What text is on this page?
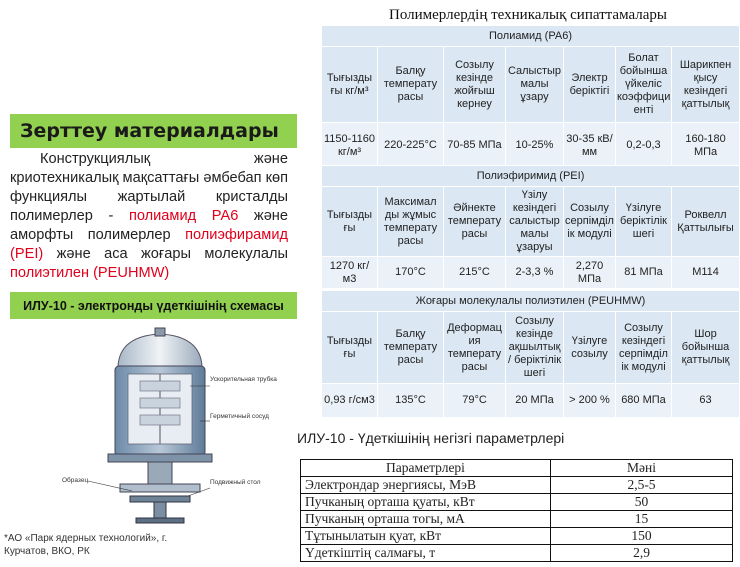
Зерттеу материалдары
Конструкциялық және криотехникалық мақсаттағы әмбебап көп функциялы жартылай кристалды полимерлер - полиамид РА6 және аморфты полимерлер полиэфирамид (PEI) және аса жоғары молекулалы полиэтилен (PEUHMW)
ИЛУ-10 - электронды үдеткішінің схемасы
Ускорительная трубка
Герметичный сосуд
Образец	Подвижный стол
*АО «Парк ядерных технологий», г. Курчатов, ВКО, РК
Полимерлердің техникалық сипаттамалары
Полиамид (РА6)						
Тығызды ғы кг/м³	Балқу температу расы	Созылу кезінде жойғыш кернеу	Салыстыр малы ұзару	Электр беріктігі	Болат бойынша үйкеліс коэффици енті	Шарикпен қысу кезіндегі қаттылық
1150-1160 кг/м³	220-225°С	70-85 МПа	10-25%	30-35 кВ/мм	0,2-0,3	160-180 МПа
Полиэфиримид (PEI)						
Тығызды ғы	Максимал ды жұмыс температу расы	Әйнекте температу расы	Үзілу кезіндегі салыстыр малы ұзаруы	Созылу серпімділ ік модулі	Үзілуге беріктілік шегі	Роквелл Қаттылығы
1270 кг/м3	170°С	215°С	2-3,3 %	2,270 МПа	81 МПа	M114
Жоғары молекулалы полиэтилен (PEUHMW)						
Тығызды ғы	Балқу температу расы	Деформац ия температу расы	Созылу кезінде ақшылтық / беріктілік шегі	Үзілуге созылу	Созылу кезіндегі серпімділ ік модулі	Шор бойынша қаттылық
0,93 г/см3	135°С	79°С	20 МПа	> 200 %	680 МПа	63
ИЛУ-10 - Үдеткішінің негізгі параметрлері
Параметрлері	Мәні
Электрондар энергиясы, МэВ	2,5-5
Пучканың орташа қуаты, кВт	50
Пучканың орташа тогы, мА	15
Тұтынылатын қуат, кВт	150
Үдеткіштің салмағы, т	2,9
